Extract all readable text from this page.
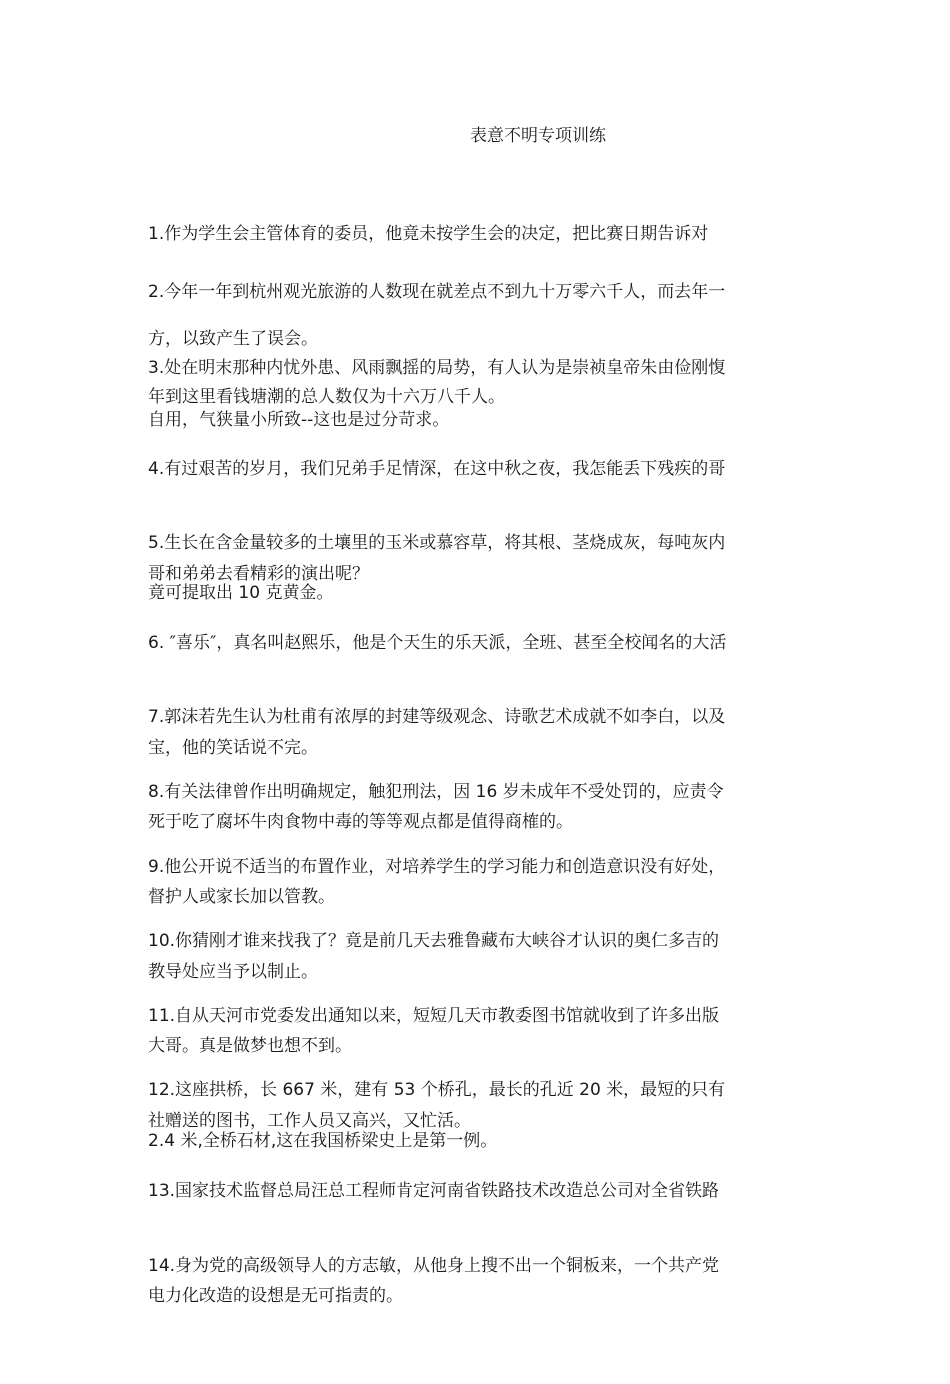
表意不明专项训练

1.作为学生会主管体育的委员，他竟未按学生会的决定，把比赛日期告诉对

方，以致产生了误会。

2.今年一年到杭州观光旅游的人数现在就差点不到九十万零六千人，而去年一

年到这里看钱塘潮的总人数仅为十六万八千人。

3.处在明末那种内忧外患、风雨飘摇的局势，有人认为是崇祯皇帝朱由俭刚愎

自用，气狭量小所致--这也是过分苛求。

4.有过艰苦的岁月，我们兄弟手足情深，在这中秋之夜，我怎能丢下残疾的哥

哥和弟弟去看精彩的演出呢？

5.生长在含金量较多的土壤里的玉米或慕容草，将其根、茎烧成灰，每吨灰内

竟可提取出 10 克黄金。

6. ″喜乐″，真名叫赵熙乐，他是个天生的乐天派，全班、甚至全校闻名的大活

宝，他的笑话说不完。

7.郭沫若先生认为杜甫有浓厚的封建等级观念、诗歌艺术成就不如李白，以及

死于吃了腐坏牛肉食物中毒的等等观点都是值得商榷的。

8.有关法律曾作出明确规定，触犯刑法，因 16 岁未成年不受处罚的，应责令

督护人或家长加以管教。

9.他公开说不适当的布置作业，对培养学生的学习能力和创造意识没有好处，

教导处应当予以制止。

10.你猜刚才谁来找我了？竟是前几天去雅鲁藏布大峡谷才认识的奥仁多吉的

大哥。真是做梦也想不到。

11.自从天河市党委发出通知以来，短短几天市教委图书馆就收到了许多出版

社赠送的图书，工作人员又高兴，又忙活。

12.这座拱桥，长 667 米，建有 53 个桥孔，最长的孔近 20 米，最短的只有

2.4 米,全桥石材,这在我国桥梁史上是第一例。

13.国家技术监督总局汪总工程师肯定河南省铁路技术改造总公司对全省铁路

电力化改造的设想是无可指责的。

14.身为党的高级领导人的方志敏，从他身上搜不出一个铜板来，一个共产党
